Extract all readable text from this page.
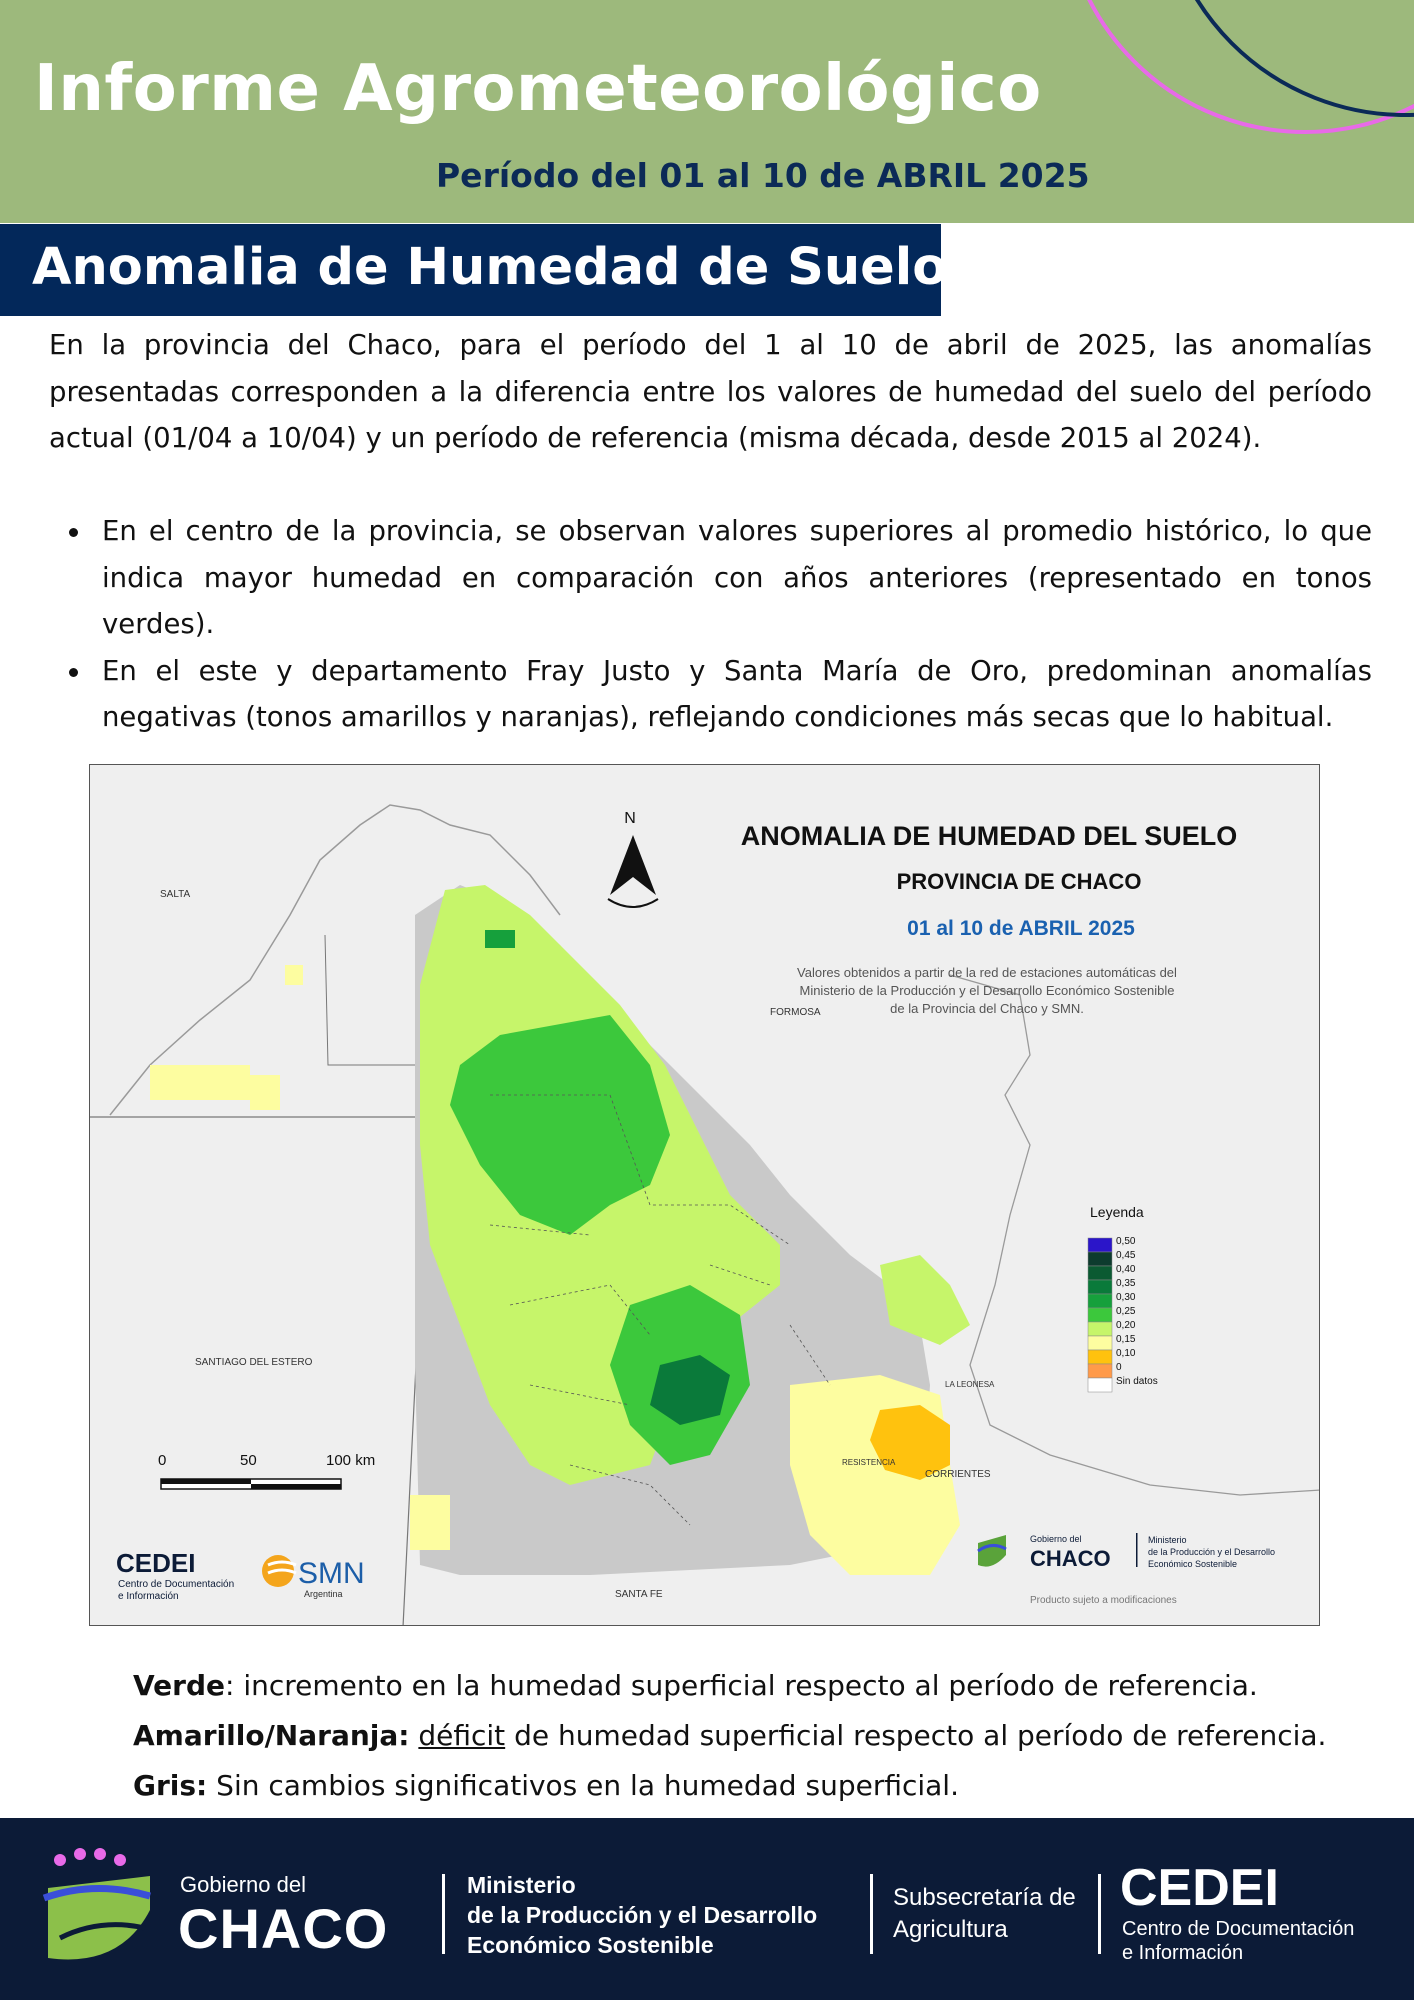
Informe Agrometeorológico
Período del 01 al 10 de ABRIL 2025
Anomalia de Humedad de Suelo

En la provincia del Chaco, para el período del 1 al 10 de abril de 2025, las anomalías presentadas corresponden a la diferencia entre los valores de humedad del suelo del período actual (01/04 a 10/04) y un período de referencia (misma década, desde 2015 al 2024).

En el centro de la provincia, se observan valores superiores al promedio histórico, lo que indica mayor humedad en comparación con años anteriores (representado en tonos verdes).
En el este y departamento Fray Justo y Santa María de Oro, predominan anomalías negativas (tonos amarillos y naranjas), reflejando condiciones más secas que lo habitual.
SALTA
FORMOSA
SANTIAGO DEL ESTERO
CORRIENTES
SANTA FE
LA LEONESA
RESISTENCIA
N
ANOMALIA DE HUMEDAD DEL SUELO
PROVINCIA DE CHACO
01 al 10 de ABRIL 2025
Valores obtenidos a partir de la red de estaciones automáticas del
Ministerio de la Producción y el Desarrollo Económico Sostenible
de la Provincia del Chaco y SMN.
Leyenda
0,50
0,45
0,40
0,35
0,30
0,25
0,20
0,15
0,10
0
Sin datos
0	50	100 km
CEDEI
Centro de Documentación
e Información
SMN
Argentina
Gobierno del
CHACO
Ministerio
de la Producción y el Desarrollo
Económico Sostenible
Producto sujeto a modificaciones

Verde: incremento en la humedad superficial respecto al período de referencia.

Amarillo/Naranja: déficit de humedad superficial respecto al período de referencia.

Gris: Sin cambios significativos en la humedad superficial.

Gobierno del
CHACO
Ministerio
de la Producción y el Desarrollo
Económico Sostenible
Subsecretaría de
Agricultura
CEDEI
Centro de Documentación
e Información
